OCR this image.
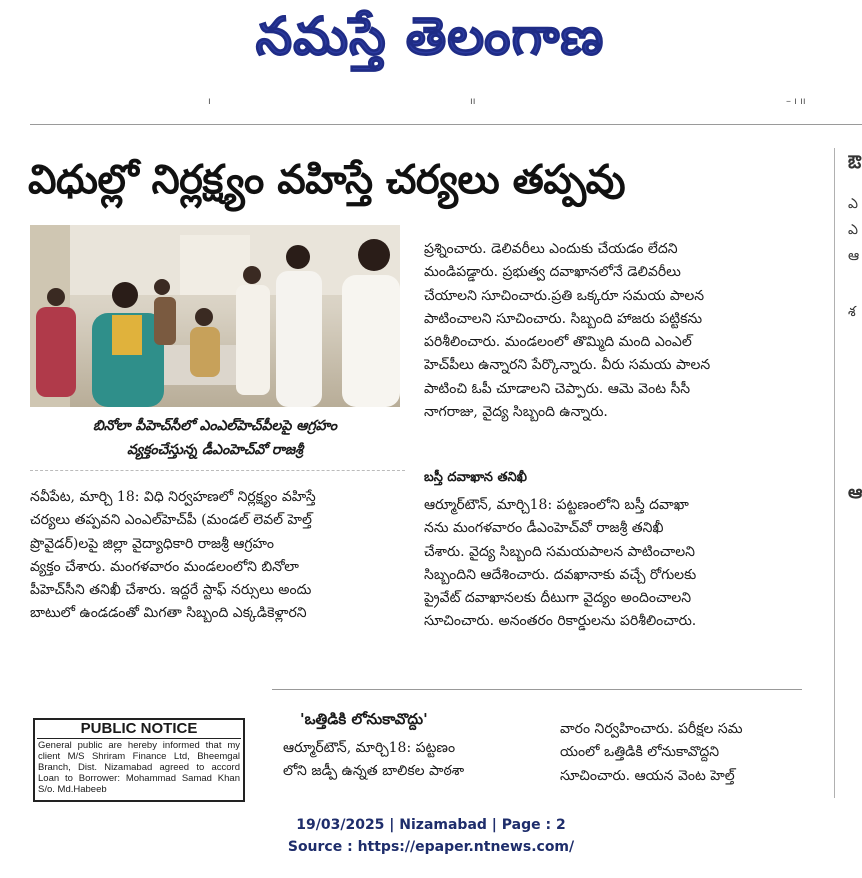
నమస్తే తెలంగాణ
ı	ıı	– ı ıı
ఔ
ఎ
ఎ
ఆ
శ
ఆ
విధుల్లో నిర్లక్ష్యం వహిస్తే చర్యలు తప్పవు
బినోలా పీహెచ్‌సీలో ఎంఎల్‌హెచ్‌పీలపై ఆగ్రహం
వ్యక్తంచేస్తున్న డీఎంహెచ్‌వో రాజశ్రీ
ప్రశ్నించారు. డెలివరీలు ఎందుకు చేయడం లేదని
మండిపడ్డారు. ప్రభుత్వ దవాఖానలోనే డెలివరీలు
చేయాలని సూచించారు.ప్రతి ఒక్కరూ సమయ పాలన
పాటించాలని సూచించారు. సిబ్బంది హాజరు పట్టికను
పరిశీలించారు. మండలంలో తొమ్మిది మంది ఎంఎల్
హెచ్‌పీలు ఉన్నారని పేర్కొన్నారు. వీరు సమయ పాలన
పాటించి ఓపీ చూడాలని చెప్పారు. ఆమె వెంట సీసీ
నాగరాజు, వైద్య సిబ్బంది ఉన్నారు.
బస్తీ దవాఖాన తనిఖీ
ఆర్మూర్‌టౌన్, మార్చి18: పట్టణంలోని బస్తీ దవాఖా
నను మంగళవారం డీఎంహెచ్‌వో రాజశ్రీ తనిఖీ
చేశారు. వైద్య సిబ్బంది సమయపాలన పాటించాలని
సిబ్బందిని ఆదేశించారు. దవఖానాకు వచ్చే రోగులకు
ప్రైవేట్ దవాఖానలకు దీటుగా వైద్యం అందించాలని
సూచించారు. అనంతరం రికార్డులను పరిశీలించారు.
నవీపేట, మార్చి 18: విధి నిర్వహణలో నిర్లక్ష్యం వహిస్తే
చర్యలు తప్పవని ఎంఎల్‌హెచ్‌పీ (మండల్ లెవల్ హెల్త్
ప్రొవైడర్)లపై జిల్లా వైద్యాధికారి రాజశ్రీ ఆగ్రహం
వ్యక్తం చేశారు. మంగళవారం మండలంలోని బినోలా
పీహెచ్‌సీని తనిఖీ చేశారు. ఇద్దరే స్టాఫ్ నర్సులు అందు
బాటులో ఉండడంతో మిగతా సిబ్బంది ఎక్కడికెళ్లారని
PUBLIC NOTICE
General public are hereby informed that my client M/S Shriram Finance Ltd, Bheemgal Branch, Dist. Nizamabad agreed to accord Loan to Borrower: Mohammad Samad Khan S/o. Md.Habeeb
'ఒత్తిడికి లోనుకావొద్దు'
ఆర్మూర్‌టౌన్, మార్చి18: పట్టణం
లోని జడ్పీ ఉన్నత బాలికల పాఠశా
వారం నిర్వహించారు. పరీక్షల సమ
యంలో ఒత్తిడికి లోనుకావొద్దని
సూచించారు. ఆయన వెంట హెల్త్
19/03/2025 | Nizamabad | Page : 2
Source : https://epaper.ntnews.com/
